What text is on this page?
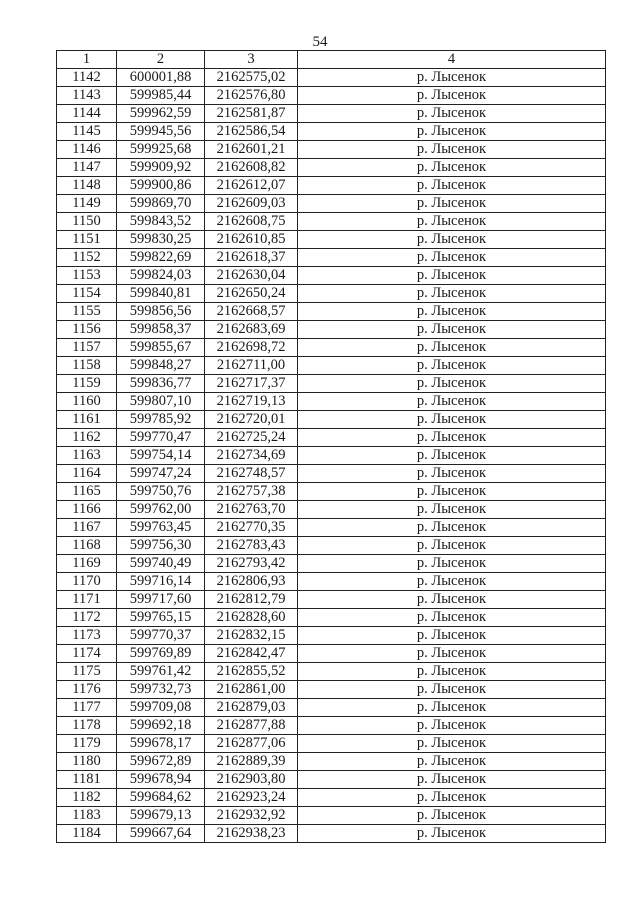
54
1	2	3	4
1142	600001,88	2162575,02	р. Лысенок
1143	599985,44	2162576,80	р. Лысенок
1144	599962,59	2162581,87	р. Лысенок
1145	599945,56	2162586,54	р. Лысенок
1146	599925,68	2162601,21	р. Лысенок
1147	599909,92	2162608,82	р. Лысенок
1148	599900,86	2162612,07	р. Лысенок
1149	599869,70	2162609,03	р. Лысенок
1150	599843,52	2162608,75	р. Лысенок
1151	599830,25	2162610,85	р. Лысенок
1152	599822,69	2162618,37	р. Лысенок
1153	599824,03	2162630,04	р. Лысенок
1154	599840,81	2162650,24	р. Лысенок
1155	599856,56	2162668,57	р. Лысенок
1156	599858,37	2162683,69	р. Лысенок
1157	599855,67	2162698,72	р. Лысенок
1158	599848,27	2162711,00	р. Лысенок
1159	599836,77	2162717,37	р. Лысенок
1160	599807,10	2162719,13	р. Лысенок
1161	599785,92	2162720,01	р. Лысенок
1162	599770,47	2162725,24	р. Лысенок
1163	599754,14	2162734,69	р. Лысенок
1164	599747,24	2162748,57	р. Лысенок
1165	599750,76	2162757,38	р. Лысенок
1166	599762,00	2162763,70	р. Лысенок
1167	599763,45	2162770,35	р. Лысенок
1168	599756,30	2162783,43	р. Лысенок
1169	599740,49	2162793,42	р. Лысенок
1170	599716,14	2162806,93	р. Лысенок
1171	599717,60	2162812,79	р. Лысенок
1172	599765,15	2162828,60	р. Лысенок
1173	599770,37	2162832,15	р. Лысенок
1174	599769,89	2162842,47	р. Лысенок
1175	599761,42	2162855,52	р. Лысенок
1176	599732,73	2162861,00	р. Лысенок
1177	599709,08	2162879,03	р. Лысенок
1178	599692,18	2162877,88	р. Лысенок
1179	599678,17	2162877,06	р. Лысенок
1180	599672,89	2162889,39	р. Лысенок
1181	599678,94	2162903,80	р. Лысенок
1182	599684,62	2162923,24	р. Лысенок
1183	599679,13	2162932,92	р. Лысенок
1184	599667,64	2162938,23	р. Лысенок
